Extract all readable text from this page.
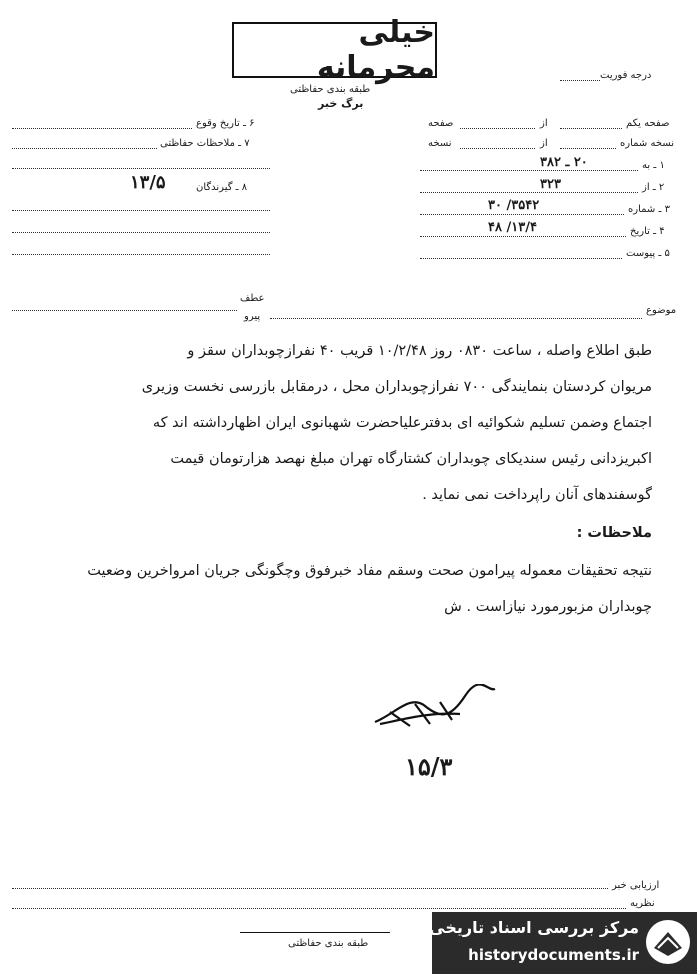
خیلی محرمانه
طبقه بندی حفاظتی
درجه فوریت
برگ خبر
۶ ـ تاریخ وقوع
۷ ـ ملاحظات حفاظتی
۸ ـ گیرندگان
۱۳/۵
صفحه یکم
از
صفحه
نسخه شماره
از
نسخه
۱ ـ به
۲۰ ـ ۳۸۲
۲ ـ از
۳۲۳
۳ ـ شماره
۳۵۴۲/ ۳۰
۴ ـ تاریخ
۱۳/۴/ ۴۸
۵ ـ پیوست
عطف
پیرو
موضوع
طبق اطلاع واصله ، ساعت ۰۸۳۰ روز ۱۰/۲/۴۸ قریب ۴۰ نفرازچوبداران سقز و
مریوان کردستان بنمایندگی ۷۰۰ نفرازچوبداران محل ، درمقابل بازرسی نخست وزیری
اجتماع وضمن تسلیم شکوائیه ای بدفترعلیاحضرت شهبانوی ایران اظهارداشته اند که
اکبریزدانی رئیس سندیکای چوبداران کشتارگاه تهران مبلغ نهصد هزارتومان قیمت
گوسفندهای آنان راپرداخت نمی نماید .
ملاحظات :
نتیجه تحقیقات معموله پیرامون صحت وسقم مفاد خبرفوق وچگونگی جریان امرواخرین وضعیت
چوبداران مزبورمورد نیازاست . ش
۱۵/۳
ارزیابی خبر
نظریه
طبقه بندی حفاظتی
مرکز بررسی اسناد تاریخی
historydocuments.ir
